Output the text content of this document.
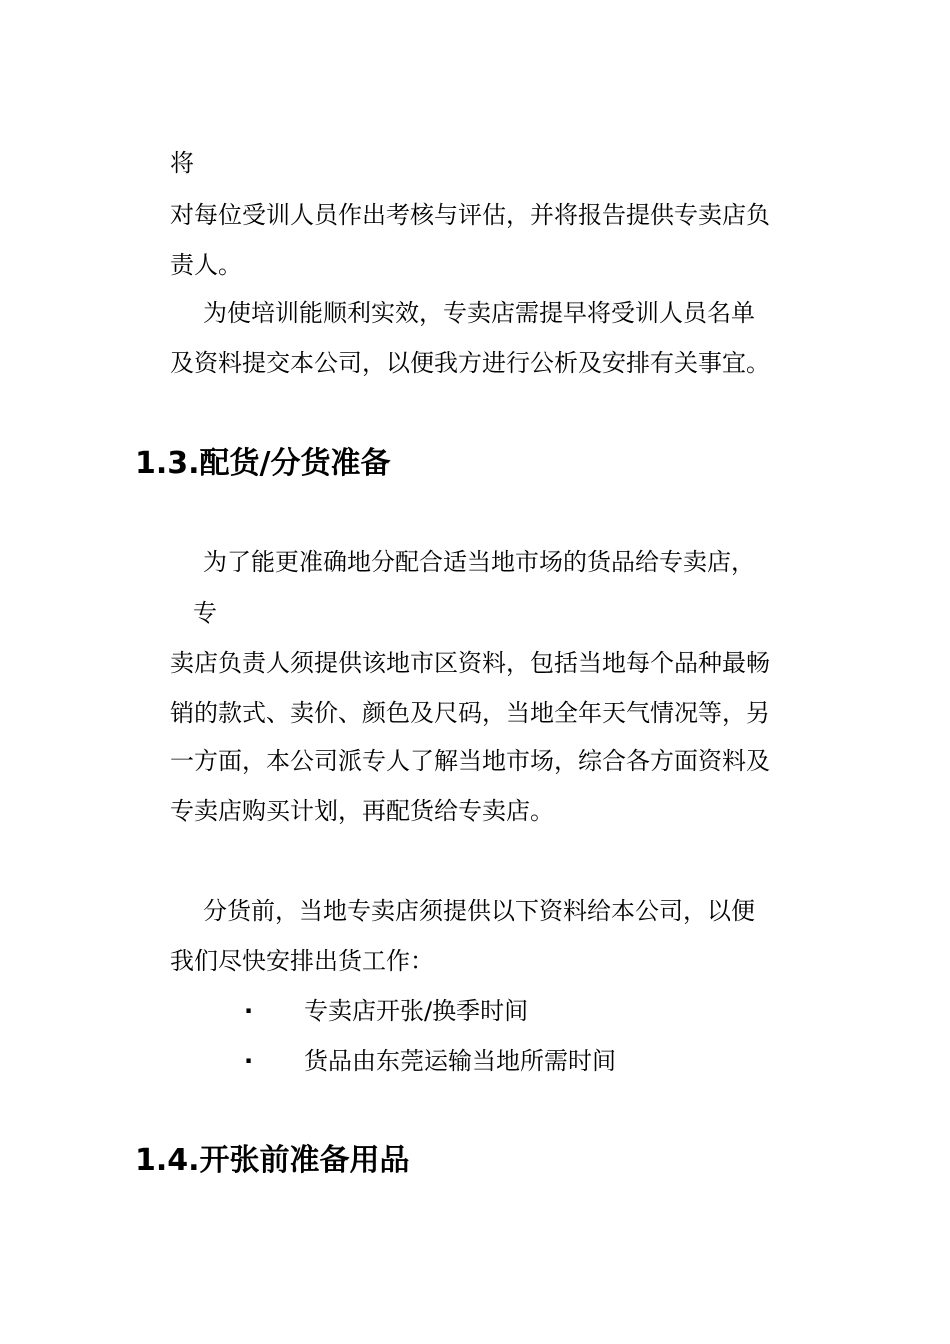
将
对每位受训人员作出考核与评估，并将报告提供专卖店负
责人。
为使培训能顺利实效，专卖店需提早将受训人员名单
及资料提交本公司，以便我方进行公析及安排有关事宜。
1.3.配货/分货准备
为了能更准确地分配合适当地市场的货品给专卖店，
专
卖店负责人须提供该地市区资料，包括当地每个品种最畅
销的款式、卖价、颜色及尺码，当地全年天气情况等，另
一方面，本公司派专人了解当地市场，综合各方面资料及
专卖店购买计划，再配货给专卖店。
分货前，当地专卖店须提供以下资料给本公司，以便
我们尽快安排出货工作：
· 专卖店开张/换季时间
· 货品由东莞运输当地所需时间
1.4.开张前准备用品
